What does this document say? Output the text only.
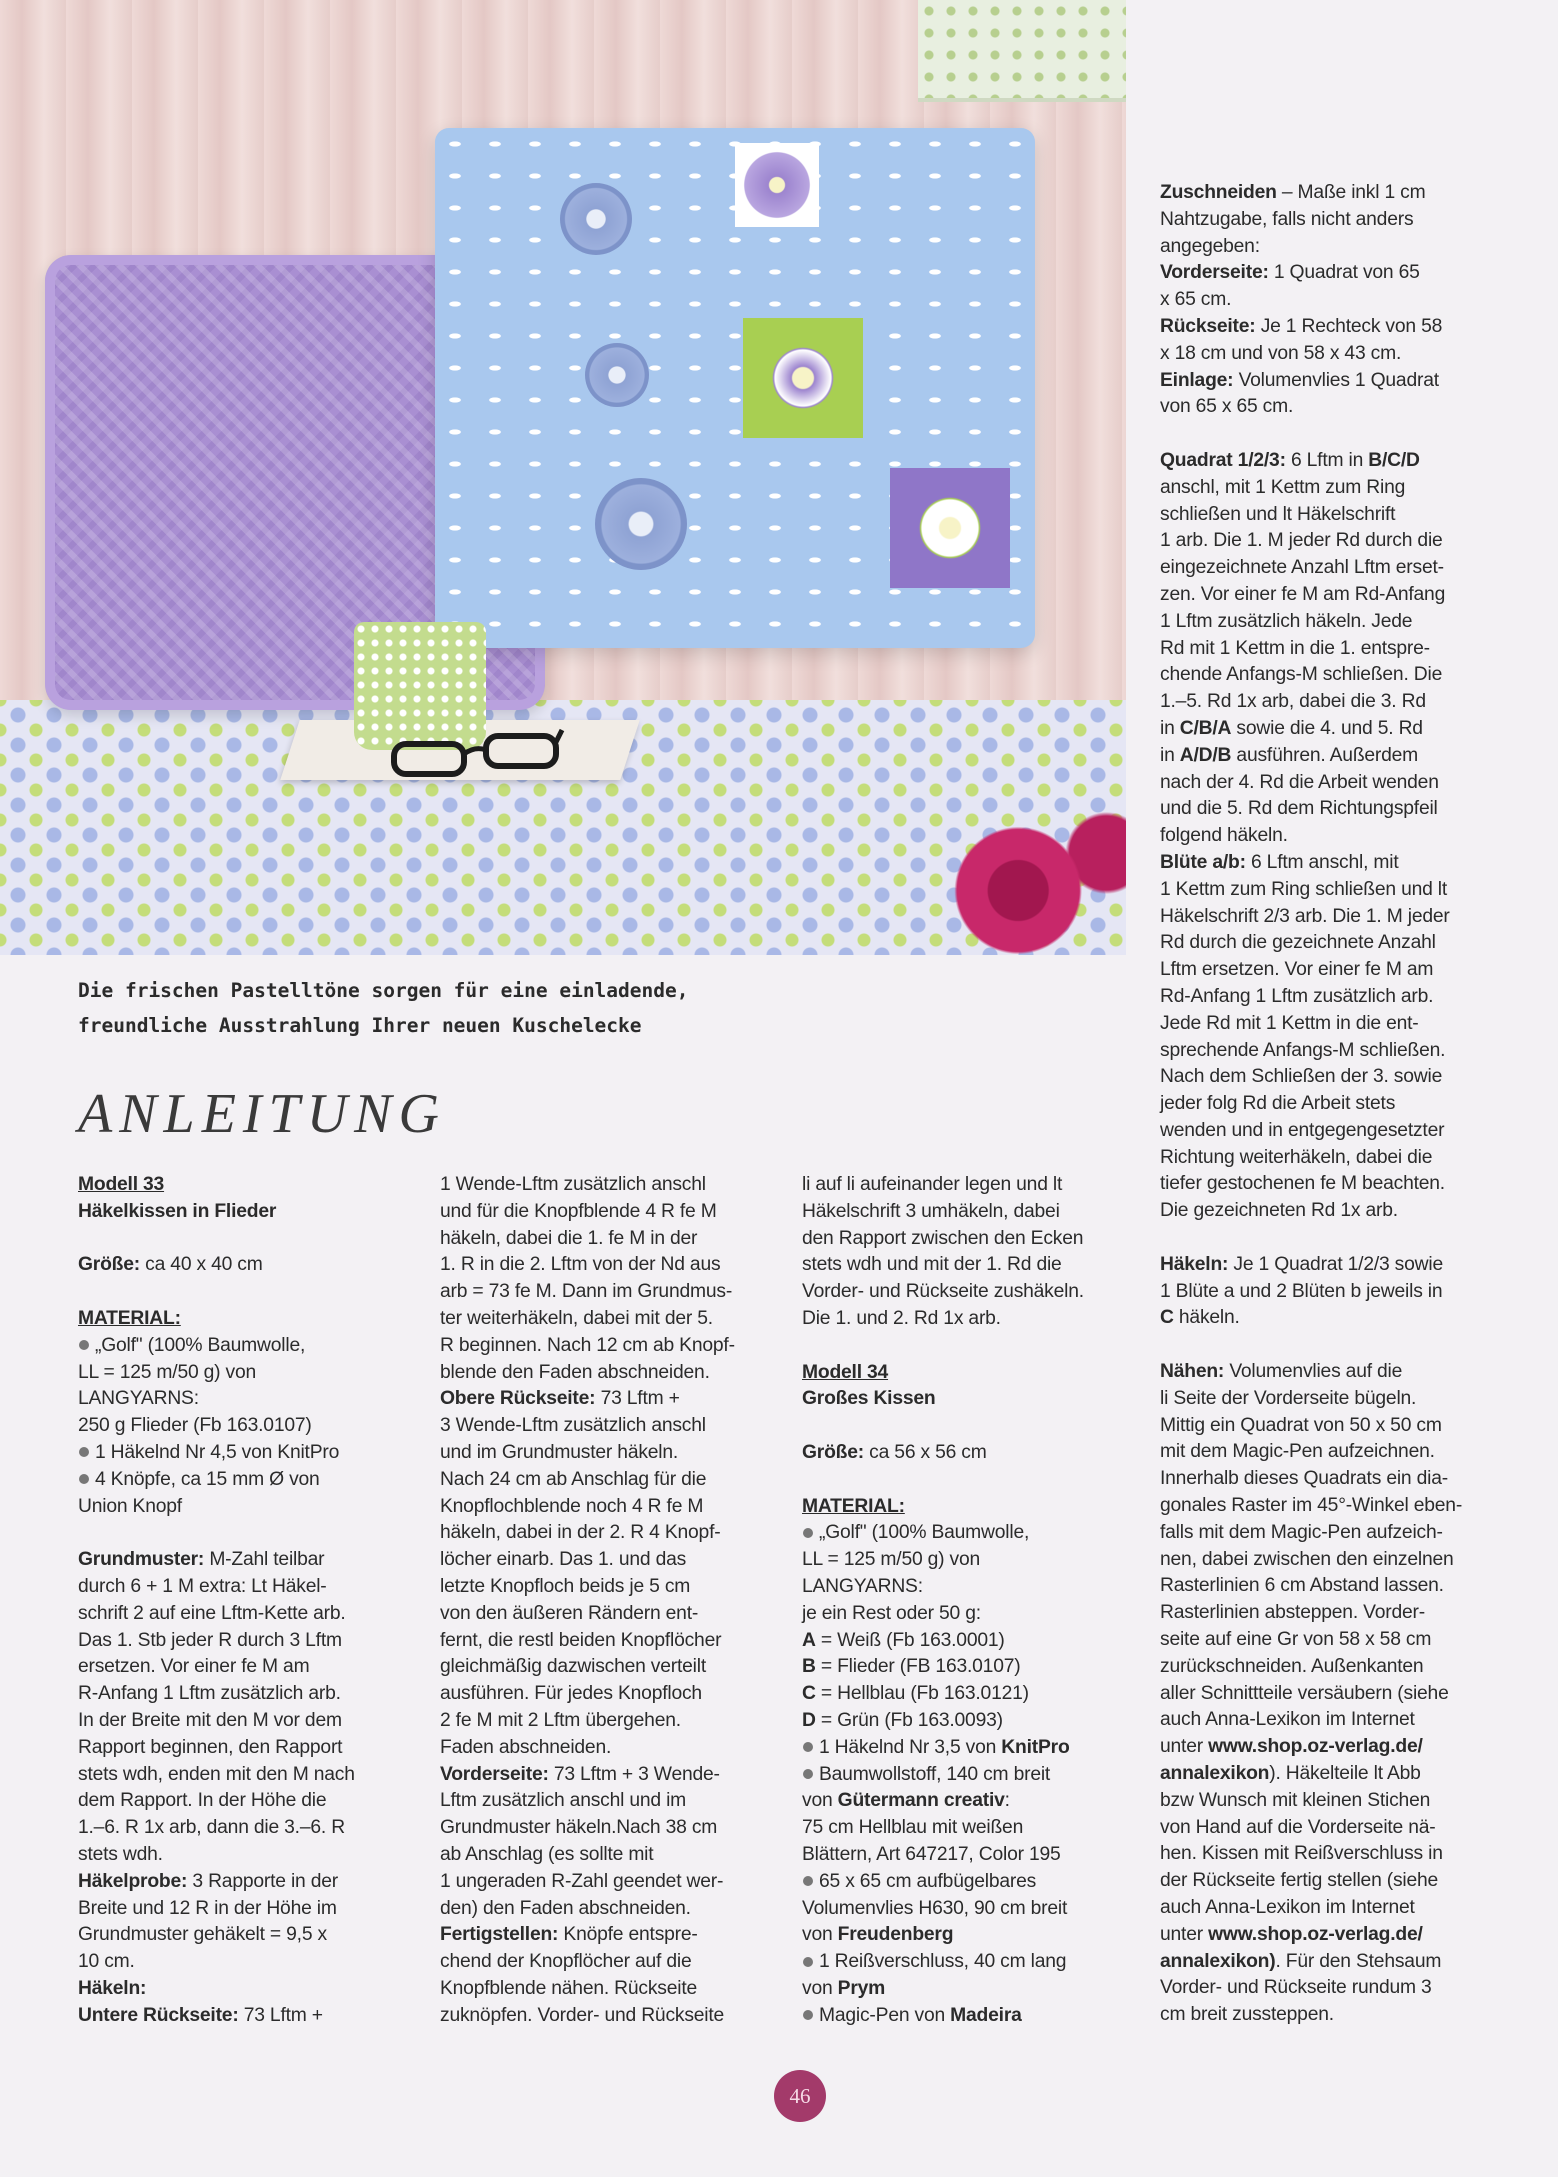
Die frischen Pastelltöne sorgen für eine einladende,
freundliche Ausstrahlung Ihrer neuen Kuschelecke
ANLEITUNG
Modell 33
Häkelkissen in Flieder
Größe: ca 40 x 40 cm
MATERIAL:
„Golf" (100% Baumwolle,
LL = 125 m/50 g) von
LANGYARNS:
250 g Flieder (Fb 163.0107)
1 Häkelnd Nr 4,5 von KnitPro
4 Knöpfe, ca 15 mm Ø von
Union Knopf
Grundmuster: M-Zahl teilbar
durch 6 + 1 M extra: Lt Häkel-
schrift 2 auf eine Lftm-Kette arb.
Das 1. Stb jeder R durch 3 Lftm
ersetzen. Vor einer fe M am
R-Anfang 1 Lftm zusätzlich arb.
In der Breite mit den M vor dem
Rapport beginnen, den Rapport
stets wdh, enden mit den M nach
dem Rapport. In der Höhe die
1.–6. R 1x arb, dann die 3.–6. R
stets wdh.
Häkelprobe: 3 Rapporte in der
Breite und 12 R in der Höhe im
Grundmuster gehäkelt = 9,5 x
10 cm.
Häkeln:
Untere Rückseite: 73 Lftm +
1 Wende-Lftm zusätzlich anschl
und für die Knopfblende 4 R fe M
häkeln, dabei die 1. fe M in der
1. R in die 2. Lftm von der Nd aus
arb = 73 fe M. Dann im Grundmus-
ter weiterhäkeln, dabei mit der 5.
R beginnen. Nach 12 cm ab Knopf-
blende den Faden abschneiden.
Obere Rückseite: 73 Lftm +
3 Wende-Lftm zusätzlich anschl
und im Grundmuster häkeln.
Nach 24 cm ab Anschlag für die
Knopflochblende noch 4 R fe M
häkeln, dabei in der 2. R 4 Knopf-
löcher einarb. Das 1. und das
letzte Knopfloch beids je 5 cm
von den äußeren Rändern ent-
fernt, die restl beiden Knopflöcher
gleichmäßig dazwischen verteilt
ausführen. Für jedes Knopfloch
2 fe M mit 2 Lftm übergehen.
Faden abschneiden.
Vorderseite: 73 Lftm + 3 Wende-
Lftm zusätzlich anschl und im
Grundmuster häkeln.Nach 38 cm
ab Anschlag (es sollte mit
1 ungeraden R-Zahl geendet wer-
den) den Faden abschneiden.
Fertigstellen: Knöpfe entspre-
chend der Knopflöcher auf die
Knopfblende nähen. Rückseite
zuknöpfen. Vorder- und Rückseite
li auf li aufeinander legen und lt
Häkelschrift 3 umhäkeln, dabei
den Rapport zwischen den Ecken
stets wdh und mit der 1. Rd die
Vorder- und Rückseite zushäkeln.
Die 1. und 2. Rd 1x arb.
Modell 34
Großes Kissen
Größe: ca 56 x 56 cm
MATERIAL:
„Golf" (100% Baumwolle,
LL = 125 m/50 g) von
LANGYARNS:
je ein Rest oder 50 g:
A = Weiß (Fb 163.0001)
B = Flieder (FB 163.0107)
C = Hellblau (Fb 163.0121)
D = Grün (Fb 163.0093)
1 Häkelnd Nr 3,5 von KnitPro
Baumwollstoff, 140 cm breit
von Gütermann creativ:
75 cm Hellblau mit weißen
Blättern, Art 647217, Color 195
65 x 65 cm aufbügelbares
Volumenvlies H630, 90 cm breit
von Freudenberg
1 Reißverschluss, 40 cm lang
von Prym
Magic-Pen von Madeira
Zuschneiden – Maße inkl 1 cm
Nahtzugabe, falls nicht anders
angegeben:
Vorderseite: 1 Quadrat von 65
x 65 cm.
Rückseite: Je 1 Rechteck von 58
x 18 cm und von 58 x 43 cm.
Einlage: Volumenvlies 1 Quadrat
von 65 x 65 cm.
Quadrat 1/2/3: 6 Lftm in B/C/D
anschl, mit 1 Kettm zum Ring
schließen und lt Häkelschrift
1 arb. Die 1. M jeder Rd durch die
eingezeichnete Anzahl Lftm erset-
zen. Vor einer fe M am Rd-Anfang
1 Lftm zusätzlich häkeln. Jede
Rd mit 1 Kettm in die 1. entspre-
chende Anfangs-M schließen. Die
1.–5. Rd 1x arb, dabei die 3. Rd
in C/B/A sowie die 4. und 5. Rd
in A/D/B ausführen. Außerdem
nach der 4. Rd die Arbeit wenden
und die 5. Rd dem Richtungspfeil
folgend häkeln.
Blüte a/b: 6 Lftm anschl, mit
1 Kettm zum Ring schließen und lt
Häkelschrift 2/3 arb. Die 1. M jeder
Rd durch die gezeichnete Anzahl
Lftm ersetzen. Vor einer fe M am
Rd-Anfang 1 Lftm zusätzlich arb.
Jede Rd mit 1 Kettm in die ent-
sprechende Anfangs-M schließen.
Nach dem Schließen der 3. sowie
jeder folg Rd die Arbeit stets
wenden und in entgegengesetzter
Richtung weiterhäkeln, dabei die
tiefer gestochenen fe M beachten.
Die gezeichneten Rd 1x arb.
Häkeln: Je 1 Quadrat 1/2/3 sowie
1 Blüte a und 2 Blüten b jeweils in
C häkeln.
Nähen: Volumenvlies auf die
li Seite der Vorderseite bügeln.
Mittig ein Quadrat von 50 x 50 cm
mit dem Magic-Pen aufzeichnen.
Innerhalb dieses Quadrats ein dia-
gonales Raster im 45°-Winkel eben-
falls mit dem Magic-Pen aufzeich-
nen, dabei zwischen den einzelnen
Rasterlinien 6 cm Abstand lassen.
Rasterlinien absteppen. Vorder-
seite auf eine Gr von 58 x 58 cm
zurückschneiden. Außenkanten
aller Schnittteile versäubern (siehe
auch Anna-Lexikon im Internet
unter www.shop.oz-verlag.de/
annalexikon). Häkelteile lt Abb
bzw Wunsch mit kleinen Stichen
von Hand auf die Vorderseite nä-
hen. Kissen mit Reißverschluss in
der Rückseite fertig stellen (siehe
auch Anna-Lexikon im Internet
unter www.shop.oz-verlag.de/
annalexikon). Für den Stehsaum
Vorder- und Rückseite rundum 3
cm breit zussteppen.
46
